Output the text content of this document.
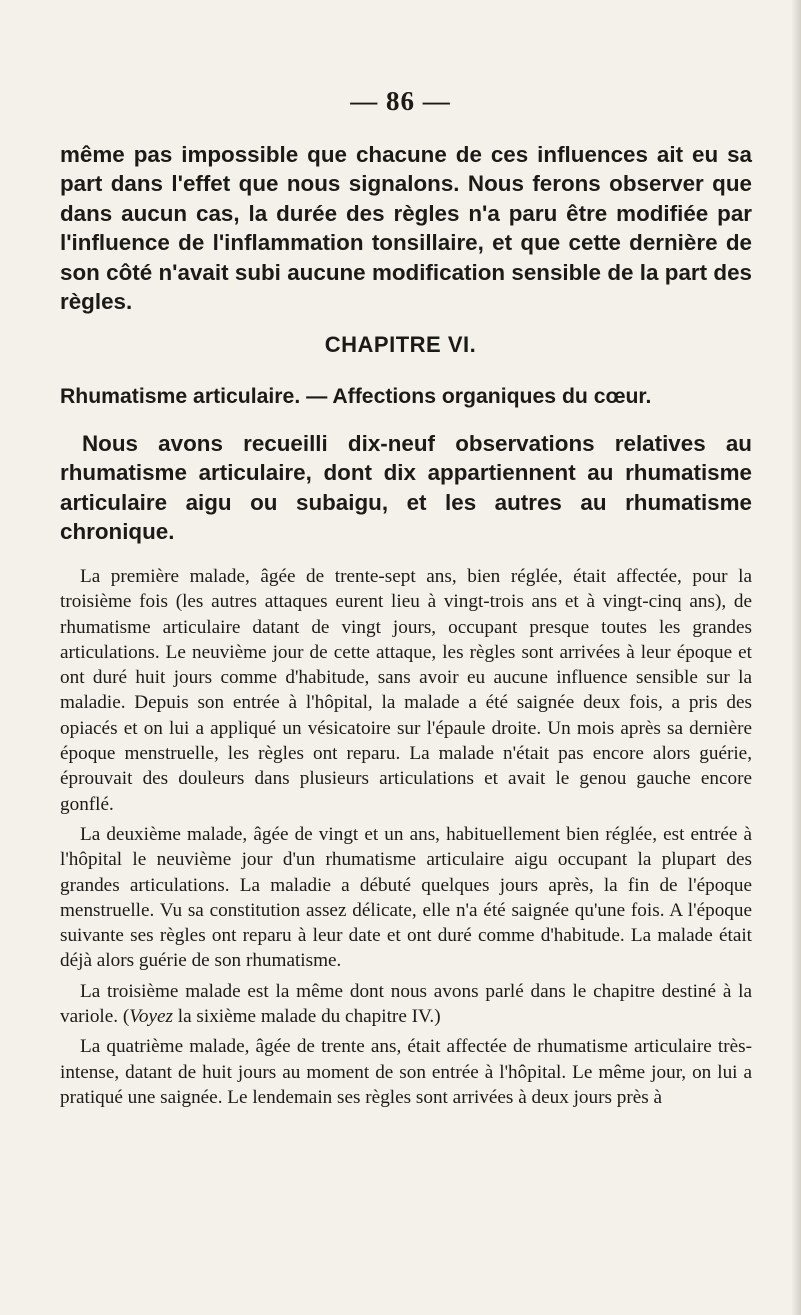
— 86 —

même pas impossible que chacune de ces influences ait eu sa part dans l'effet que nous signalons. Nous ferons observer que dans aucun cas, la durée des règles n'a paru être modifiée par l'influence de l'inflammation tonsillaire, et que cette dernière de son côté n'avait subi aucune modification sensible de la part des règles.

CHAPITRE VI.
Rhumatisme articulaire. — Affections organiques du cœur.

Nous avons recueilli dix-neuf observations relatives au rhumatisme articulaire, dont dix appartiennent au rhumatisme articulaire aigu ou subaigu, et les autres au rhumatisme chronique.

La première malade, âgée de trente-sept ans, bien réglée, était affectée, pour la troisième fois (les autres attaques eurent lieu à vingt-trois ans et à vingt-cinq ans), de rhumatisme articulaire datant de vingt jours, occupant presque toutes les grandes articulations. Le neuvième jour de cette attaque, les règles sont arrivées à leur époque et ont duré huit jours comme d'habitude, sans avoir eu aucune influence sensible sur la maladie. Depuis son entrée à l'hôpital, la malade a été saignée deux fois, a pris des opiacés et on lui a appliqué un vésicatoire sur l'épaule droite. Un mois après sa dernière époque menstruelle, les règles ont reparu. La malade n'était pas encore alors guérie, éprouvait des douleurs dans plusieurs articulations et avait le genou gauche encore gonflé.

La deuxième malade, âgée de vingt et un ans, habituellement bien réglée, est entrée à l'hôpital le neuvième jour d'un rhumatisme articulaire aigu occupant la plupart des grandes articulations. La maladie a débuté quelques jours après, la fin de l'époque menstruelle. Vu sa constitution assez délicate, elle n'a été saignée qu'une fois. A l'époque suivante ses règles ont reparu à leur date et ont duré comme d'habitude. La malade était déjà alors guérie de son rhumatisme.

La troisième malade est la même dont nous avons parlé dans le chapitre destiné à la variole. (Voyez la sixième malade du chapitre IV.)

La quatrième malade, âgée de trente ans, était affectée de rhumatisme articulaire très-intense, datant de huit jours au moment de son entrée à l'hôpital. Le même jour, on lui a pratiqué une saignée. Le lendemain ses règles sont arrivées à deux jours près à
